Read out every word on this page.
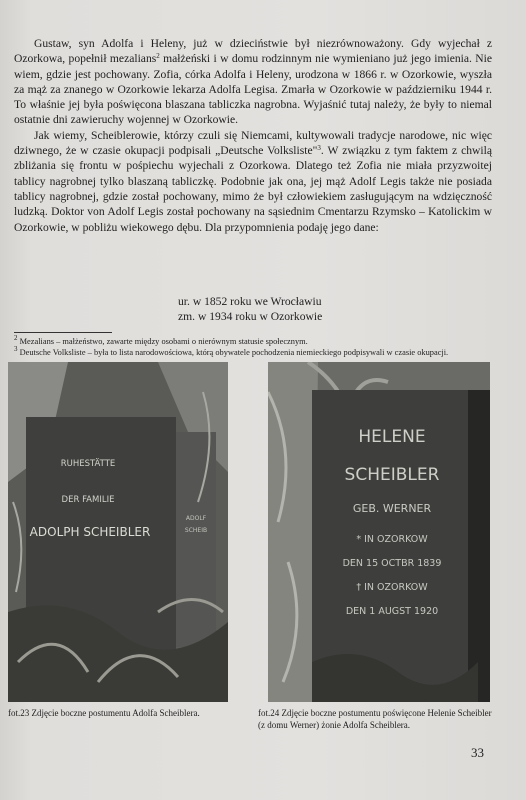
Gustaw, syn Adolfa i Heleny, już w dzieciństwie był niezrównoważony. Gdy wyjechał z Ozorkowa, popełnił mezalians$^2$ małżeński i w domu rodzinnym nie wymieniano już jego imienia. Nie wiem, gdzie jest pochowany. Zofia, córka Adolfa i Heleny, urodzona w 1866 r. w Ozorkowie, wyszła za mąż za znanego w Ozorkowie lekarza Adolfa Legisa. Zmarła w Ozorkowie w październiku 1944 r. To właśnie jej była poświęcona blaszana tabliczka nagrobna. Wyjaśnić tutaj należy, że były to niemal ostatnie dni zawieruchy wojennej w Ozorkowie.

Jak wiemy, Scheiblerowie, którzy czuli się Niemcami, kultywowali tradycje narodowe, nic więc dziwnego, że w czasie okupacji podpisali „Deutsche Volksliste"$^3$. W związku z tym faktem z chwilą zbliżania się frontu w pośpiechu wyjechali z Ozorkowa. Dlatego też Zofia nie miała przyzwoitej tablicy nagrobnej tylko blaszaną tabliczkę. Podobnie jak ona, jej mąż Adolf Legis także nie posiada tablicy nagrobnej, gdzie został pochowany, mimo że był człowiekiem zasługującym na wdzięczność ludzką. Doktor von Adolf Legis został pochowany na sąsiednim Cmentarzu Rzymsko – Katolickim w Ozorkowie, w pobliżu wiekowego dębu. Dla przypomnienia podaję jego dane:

ur. w 1852 roku we Wrocławiu
zm. w 1934 roku w Ozorkowie
$^2$ Mezalians – małżeństwo, zawarte między osobami o nierównym statusie społecznym.
$^3$ Deutsche Volksliste – była to lista narodowościowa, którą obywatele pochodzenia niemieckiego podpisywali w czasie okupacji.
RUHESTÄTTE
DER FAMILIE
ADOLPH SCHEIBLER
ADOLF
SCHEIB
fot.23 Zdjęcie boczne postumentu Adolfa Scheiblera.
HELENE
SCHEIBLER
GEB. WERNER
* IN OZORKOW
DEN 15 OCTBR 1839
† IN OZORKOW
DEN 1 AUGST 1920
fot.24 Zdjęcie boczne postumentu poświęcone Helenie Scheibler (z domu Werner) żonie Adolfa Scheiblera.
33
